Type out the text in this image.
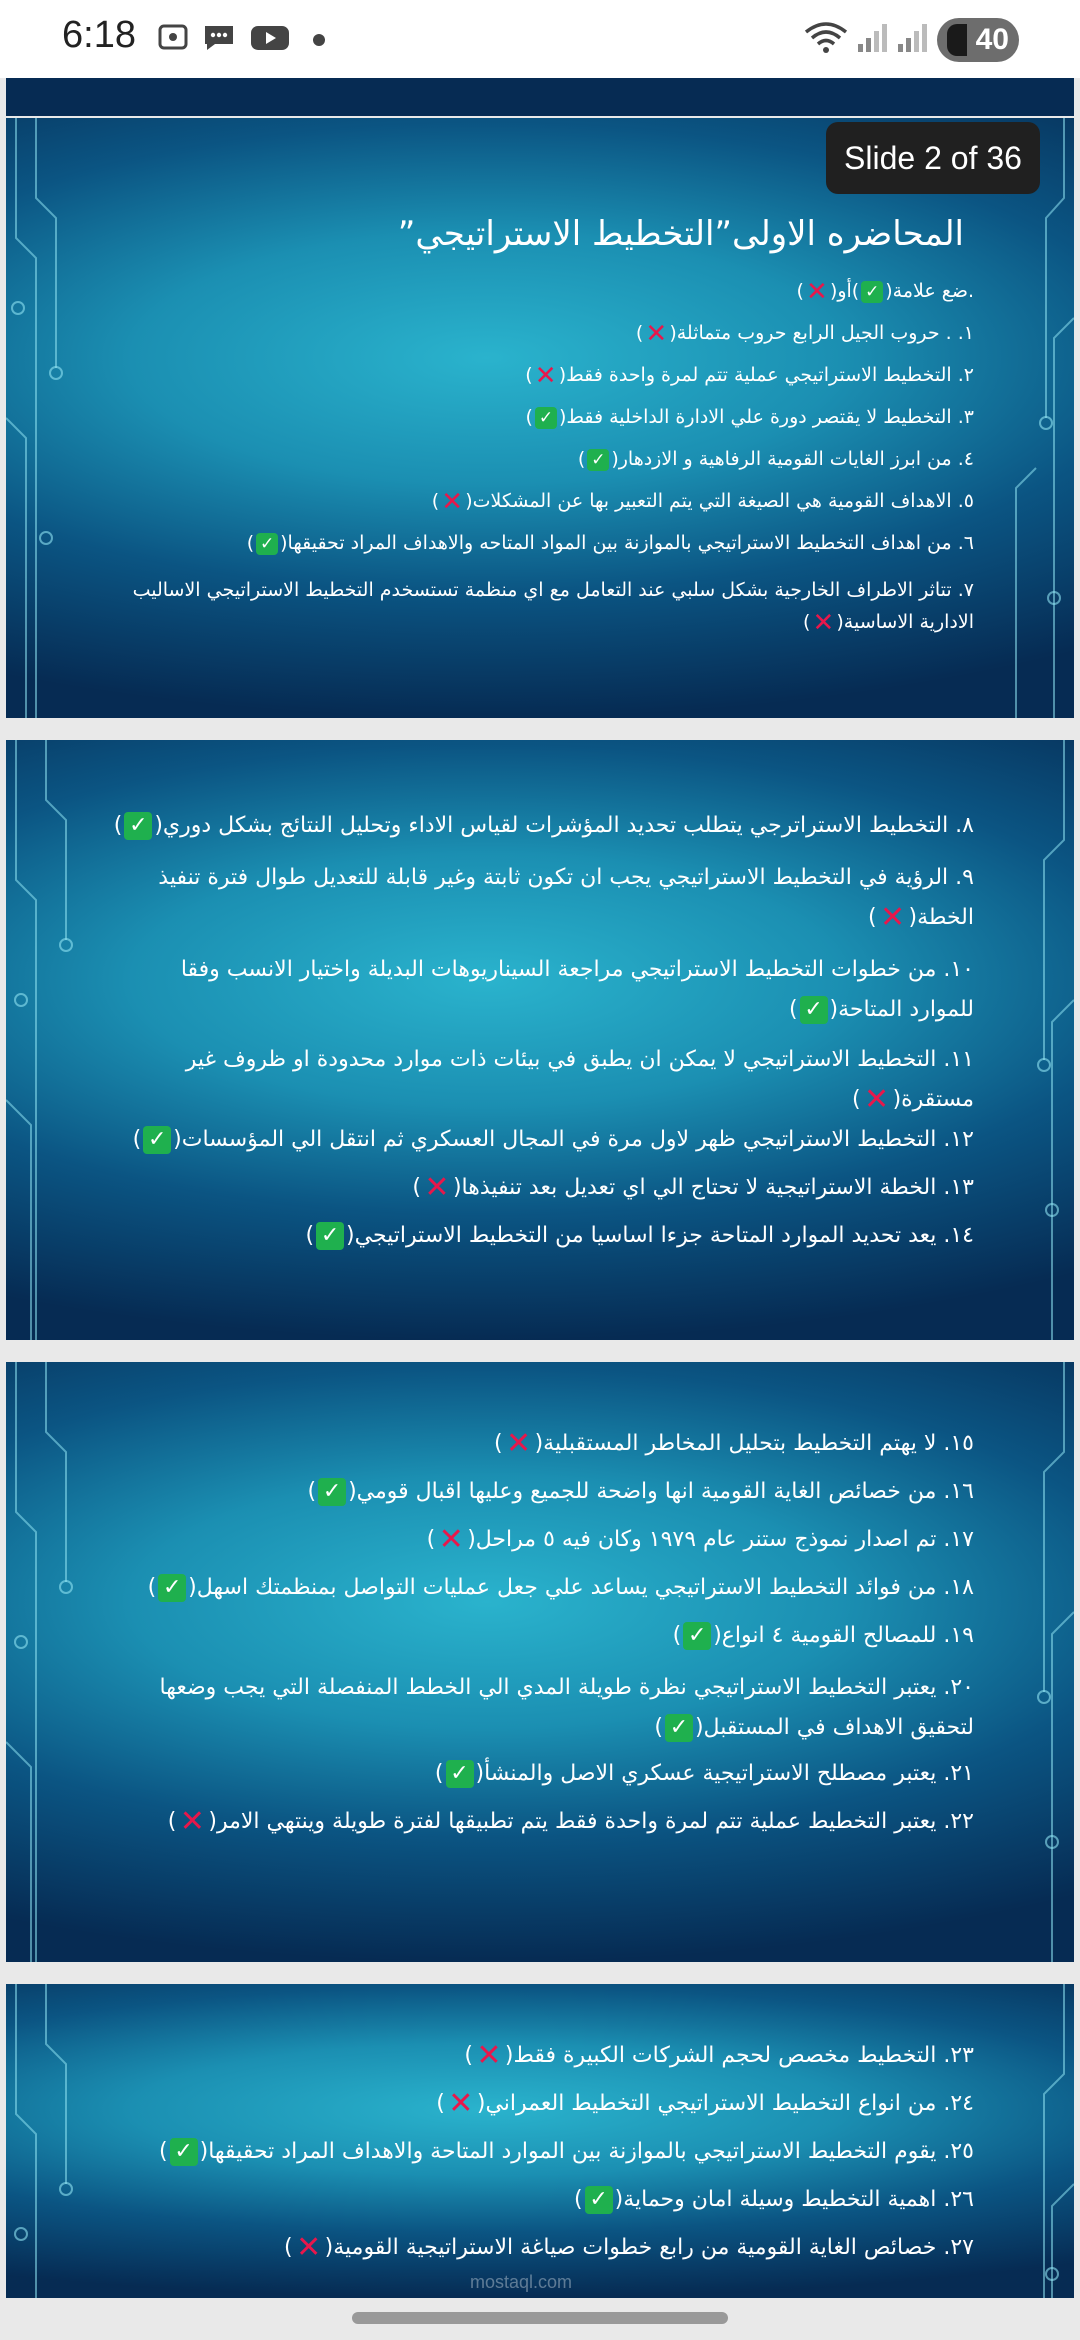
6:18	40
Slide 2 of 36
المحاضره الاولى”التخطيط الاستراتيجي”
.ضع علامة(✓)أو(✕)
١. . حروب الجيل الرابع حروب متماثلة(✕)
٢. التخطيط الاستراتيجي عملية تتم لمرة واحدة فقط(✕)
٣. التخطيط لا يقتصر دورة علي الادارة الداخلية فقط(✓)
٤. من ابرز الغايات القومية الرفاهية و الازدهار(✓)
٥. الاهداف القومية هي الصيغة التي يتم التعبير بها عن المشكلات(✕)
٦. من اهداف التخطيط الاستراتيجي بالموازنة بين المواد المتاحه والاهداف المراد تحقيقها(✓)
٧. تتاثر الاطراف الخارجية بشكل سلبي عند التعامل مع اي منظمة تستسخدم التخطيط الاستراتيجي الاساليب الادارية الاساسية(✕)
٨. التخطيط الاستراترجي يتطلب تحديد المؤشرات لقياس الاداء وتحليل النتائج بشكل دوري(✓)
٩. الرؤية في التخطيط الاستراتيجي يجب ان تكون ثابتة وغير قابلة للتعديل طوال فترة تنفيذ الخطة(✕)
١٠. من خطوات التخطيط الاستراتيجي مراجعة السيناريوهات البديلة واختيار الانسب وفقا للموارد المتاحة(✓)
١١. التخطيط الاستراتيجي لا يمكن ان يطبق في بيئات ذات موارد محدودة او ظروف غير مستقرة(✕)
١٢. التخطيط الاستراتيجي ظهر لاول مرة في المجال العسكري ثم انتقل الي المؤسسات(✓)
١٣. الخطة الاستراتيجية لا تحتاج الي اي تعديل بعد تنفيذها(✕)
١٤. يعد تحديد الموارد المتاحة جزءا اساسيا من التخطيط الاستراتيجي(✓)
١٥. لا يهتم التخطيط بتحليل المخاطر المستقبلية(✕)
١٦. من خصائص الغاية القومية انها واضحة للجميع وعليها اقبال قومي(✓)
١٧. تم اصدار نموذج ستنر عام ١٩٧٩ وكان فيه ٥ مراحل(✕)
١٨. من فوائد التخطيط الاستراتيجي يساعد علي جعل عمليات التواصل بمنظمتك اسهل(✓)
١٩. للمصالح القومية ٤ انواع(✓)
٢٠. يعتبر التخطيط الاستراتيجي نظرة طويلة المدي الي الخطط المنفصلة التي يجب وضعها لتحقيق الاهداف في المستقبل(✓)
٢١. يعتبر مصطلح الاستراتيجية عسكري الاصل والمنشأ(✓)
٢٢. يعتبر التخطيط عملية تتم لمرة واحدة فقط يتم تطبيقها لفترة طويلة وينتهي الامر(✕)
٢٣. التخطيط مخصص لحجم الشركات الكبيرة فقط(✕)
٢٤. من انواع التخطيط الاستراتيجي التخطيط العمراني(✕)
٢٥. يقوم التخطيط الاستراتيجي بالموازنة بين الموارد المتاحة والاهداف المراد تحقيقها(✓)
٢٦. اهمية التخطيط وسيلة امان وحماية(✓)
٢٧. خصائص الغاية القومية من رابع خطوات صياغة الاستراتيجية القومية(✕)
mostaql.com
